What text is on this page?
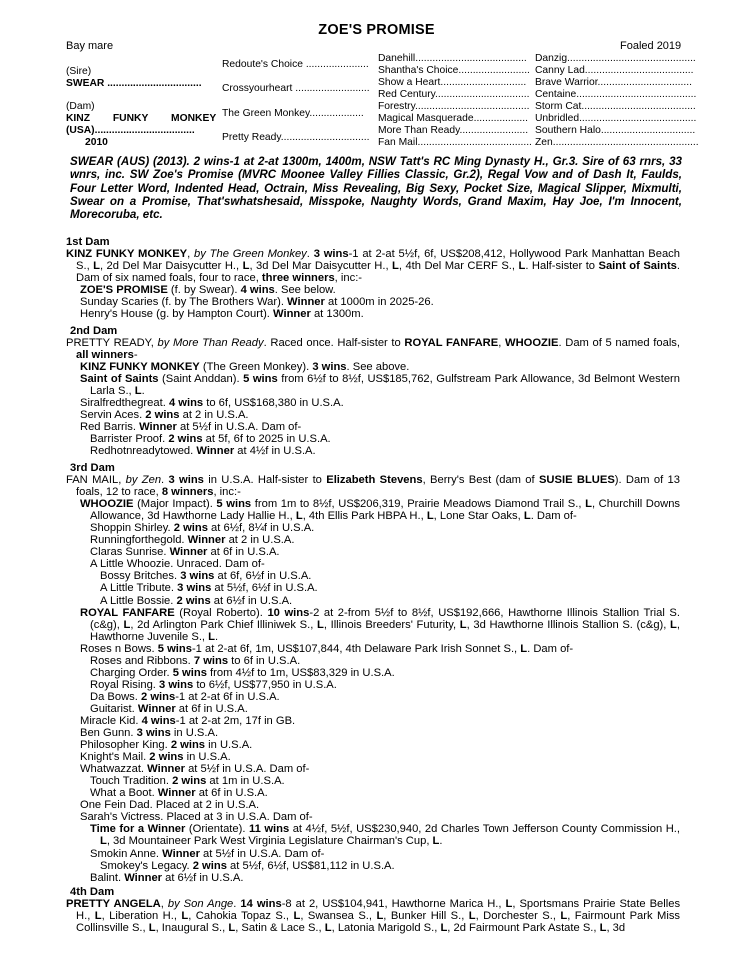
ZOE'S PROMISE
Bay mare	Foaled 2019
(Sire)
SWEAR .................................
(Dam)
KINZ FUNKY MONKEY
(USA)...................................
2010
Redoute's Choice ......................
Crossyourheart ..........................
The Green Monkey...................
Pretty Ready...............................
Danehill.......................................
Shantha's Choice.........................
Show a Heart..............................
Red Century.................................
Forestry........................................
Magical Masquerade...................
More Than Ready........................
Fan Mail........................................
Danzig.............................................
Canny Lad......................................
Brave Warrior.................................
Centaine..........................................
Storm Cat........................................
Unbridled.........................................
Southern Halo.................................
Zen...................................................
SWEAR (AUS) (2013). 2 wins-1 at 2-at 1300m, 1400m, NSW Tatt's RC Ming Dynasty H., Gr.3. Sire of 63 rnrs, 33 wnrs, inc. SW Zoe's Promise (MVRC Moonee Valley Fillies Classic, Gr.2), Regal Vow and of Dash It, Faulds, Four Letter Word, Indented Head, Octrain, Miss Revealing, Big Sexy, Pocket Size, Magical Slipper, Mixmulti, Swear on a Promise, That'swhatshesaid, Misspoke, Naughty Words, Grand Maxim, Hay Joe, I'm Innocent, Morecoruba, etc.

1st Dam

KINZ FUNKY MONKEY, by The Green Monkey. 3 wins-1 at 2-at 5½f, 6f, US$208,412, Hollywood Park Manhattan Beach S., L, 2d Del Mar Daisycutter H., L, 3d Del Mar Daisycutter H., L, 4th Del Mar CERF S., L. Half-sister to Saint of Saints. Dam of six named foals, four to race, three winners, inc:-

ZOE'S PROMISE (f. by Swear). 4 wins. See below.

Sunday Scaries (f. by The Brothers War). Winner at 1000m in 2025-26.

Henry's House (g. by Hampton Court). Winner at 1300m.

2nd Dam

PRETTY READY, by More Than Ready. Raced once. Half-sister to ROYAL FANFARE, WHOOZIE. Dam of 5 named foals, all winners-

KINZ FUNKY MONKEY (The Green Monkey). 3 wins. See above.

Saint of Saints (Saint Anddan). 5 wins from 6½f to 8½f, US$185,762, Gulfstream Park Allowance, 3d Belmont Western Larla S., L.

Siralfredthegreat. 4 wins to 6f, US$168,380 in U.S.A.

Servin Aces. 2 wins at 2 in U.S.A.

Red Barris. Winner at 5½f in U.S.A. Dam of-

Barrister Proof. 2 wins at 5f, 6f to 2025 in U.S.A.

Redhotnreadytowed. Winner at 4½f in U.S.A.

3rd Dam

FAN MAIL, by Zen. 3 wins in U.S.A. Half-sister to Elizabeth Stevens, Berry's Best (dam of SUSIE BLUES). Dam of 13 foals, 12 to race, 8 winners, inc:-

WHOOZIE (Major Impact). 5 wins from 1m to 8½f, US$206,319, Prairie Meadows Diamond Trail S., L, Churchill Downs Allowance, 3d Hawthorne Lady Hallie H., L, 4th Ellis Park HBPA H., L, Lone Star Oaks, L. Dam of-

Shoppin Shirley. 2 wins at 6½f, 8¼f in U.S.A.

Runningforthegold. Winner at 2 in U.S.A.

Claras Sunrise. Winner at 6f in U.S.A.

A Little Whoozie. Unraced. Dam of-

Bossy Britches. 3 wins at 6f, 6½f in U.S.A.

A Little Tribute. 3 wins at 5½f, 6½f in U.S.A.

A Little Bossie. 2 wins at 6½f in U.S.A.

ROYAL FANFARE (Royal Roberto). 10 wins-2 at 2-from 5½f to 8½f, US$192,666, Hawthorne Illinois Stallion Trial S. (c&g), L, 2d Arlington Park Chief Illiniwek S., L, Illinois Breeders' Futurity, L, 3d Hawthorne Illinois Stallion S. (c&g), L, Hawthorne Juvenile S., L.

Roses n Bows. 5 wins-1 at 2-at 6f, 1m, US$107,844, 4th Delaware Park Irish Sonnet S., L. Dam of-

Roses and Ribbons. 7 wins to 6f in U.S.A.

Charging Order. 5 wins from 4½f to 1m, US$83,329 in U.S.A.

Royal Rising. 3 wins to 6½f, US$77,950 in U.S.A.

Da Bows. 2 wins-1 at 2-at 6f in U.S.A.

Guitarist. Winner at 6f in U.S.A.

Miracle Kid. 4 wins-1 at 2-at 2m, 17f in GB.

Ben Gunn. 3 wins in U.S.A.

Philosopher King. 2 wins in U.S.A.

Knight's Mail. 2 wins in U.S.A.

Whatwazzat. Winner at 5½f in U.S.A. Dam of-

Touch Tradition. 2 wins at 1m in U.S.A.

What a Boot. Winner at 6f in U.S.A.

One Fein Dad. Placed at 2 in U.S.A.

Sarah's Victress. Placed at 3 in U.S.A. Dam of-

Time for a Winner (Orientate). 11 wins at 4½f, 5½f, US$230,940, 2d Charles Town Jefferson County Commission H., L, 3d Mountaineer Park West Virginia Legislature Chairman's Cup, L.

Smokin Anne. Winner at 5½f in U.S.A. Dam of-

Smokey's Legacy. 2 wins at 5½f, 6½f, US$81,112 in U.S.A.

Balint. Winner at 6½f in U.S.A.

4th Dam

PRETTY ANGELA, by Son Ange. 14 wins-8 at 2, US$104,941, Hawthorne Marica H., L, Sportsmans Prairie State Belles H., L, Liberation H., L, Cahokia Topaz S., L, Swansea S., L, Bunker Hill S., L, Dorchester S., L, Fairmount Park Miss Collinsville S., L, Inaugural S., L, Satin & Lace S., L, Latonia Marigold S., L, 2d Fairmount Park Astate S., L, 3d
